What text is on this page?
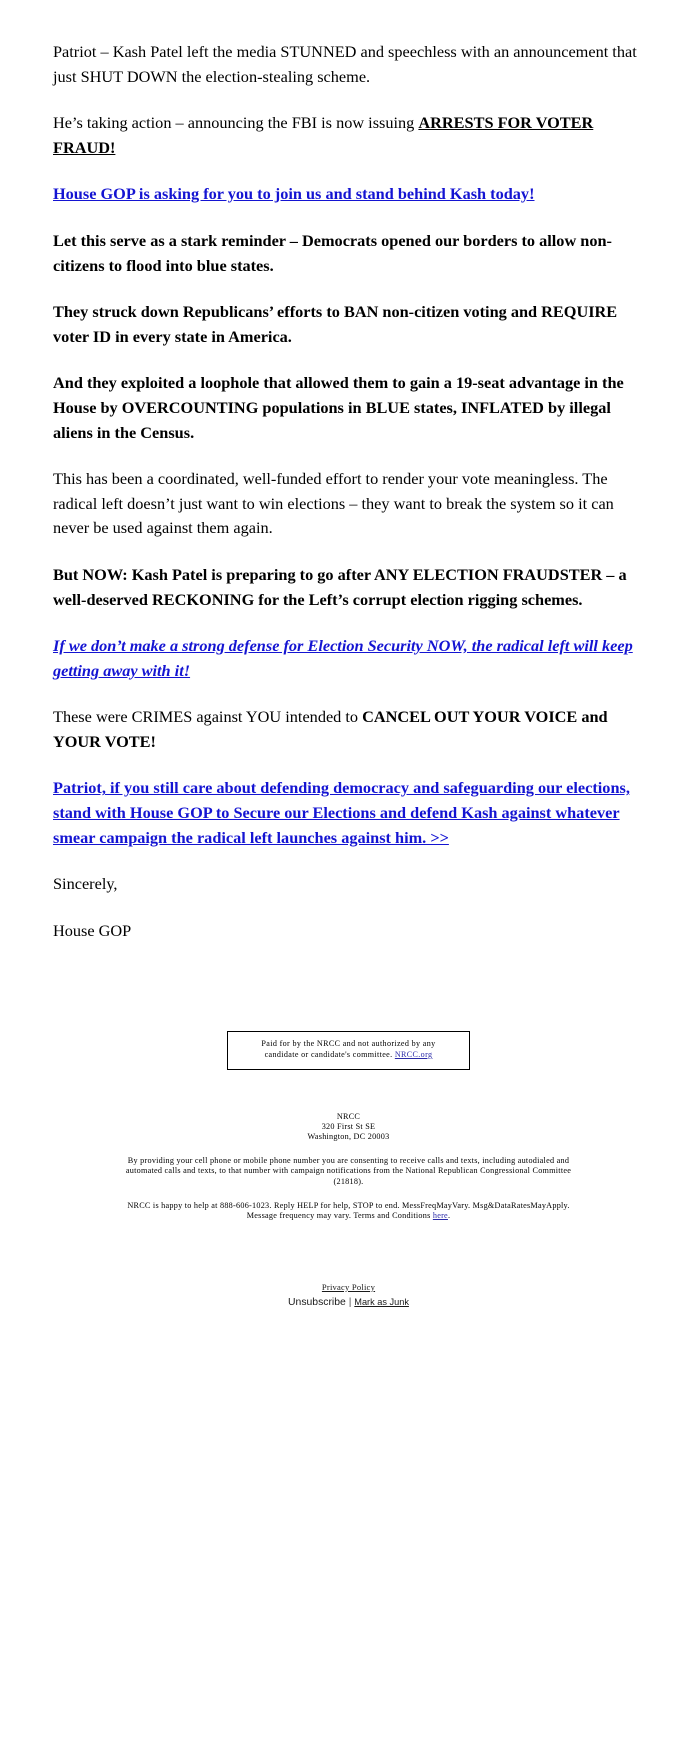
Patriot – Kash Patel left the media STUNNED and speechless with an announcement that just SHUT DOWN the election-stealing scheme.

He’s taking action – announcing the FBI is now issuing ARRESTS FOR VOTER FRAUD!

House GOP is asking for you to join us and stand behind Kash today!

Let this serve as a stark reminder – Democrats opened our borders to allow non-citizens to flood into blue states.

They struck down Republicans’ efforts to BAN non-citizen voting and REQUIRE voter ID in every state in America.

And they exploited a loophole that allowed them to gain a 19-seat advantage in the House by OVERCOUNTING populations in BLUE states, INFLATED by illegal aliens in the Census.

This has been a coordinated, well-funded effort to render your vote meaningless. The radical left doesn’t just want to win elections – they want to break the system so it can never be used against them again.

But NOW: Kash Patel is preparing to go after ANY ELECTION FRAUDSTER – a well-deserved RECKONING for the Left’s corrupt election rigging schemes.

If we don’t make a strong defense for Election Security NOW, the radical left will keep getting away with it!

These were CRIMES against YOU intended to CANCEL OUT YOUR VOICE and YOUR VOTE!

Patriot, if you still care about defending democracy and safeguarding our elections, stand with House GOP to Secure our Elections and defend Kash against whatever smear campaign the radical left launches against him. >>

Sincerely,

House GOP

Paid for by the NRCC and not authorized by any
candidate or candidate's committee. NRCC.org
NRCC
320 First St SE
Washington, DC 20003
By providing your cell phone or mobile phone number you are consenting to receive calls and texts, including autodialed and automated calls and texts, to that number with campaign notifications from the National Republican Congressional Committee (21818).
NRCC is happy to help at 888-606-1023. Reply HELP for help, STOP to end. MessFreqMayVary. Msg&DataRatesMayApply. Message frequency may vary. Terms and Conditions here.
Privacy Policy
Unsubscribe | Mark as Junk
